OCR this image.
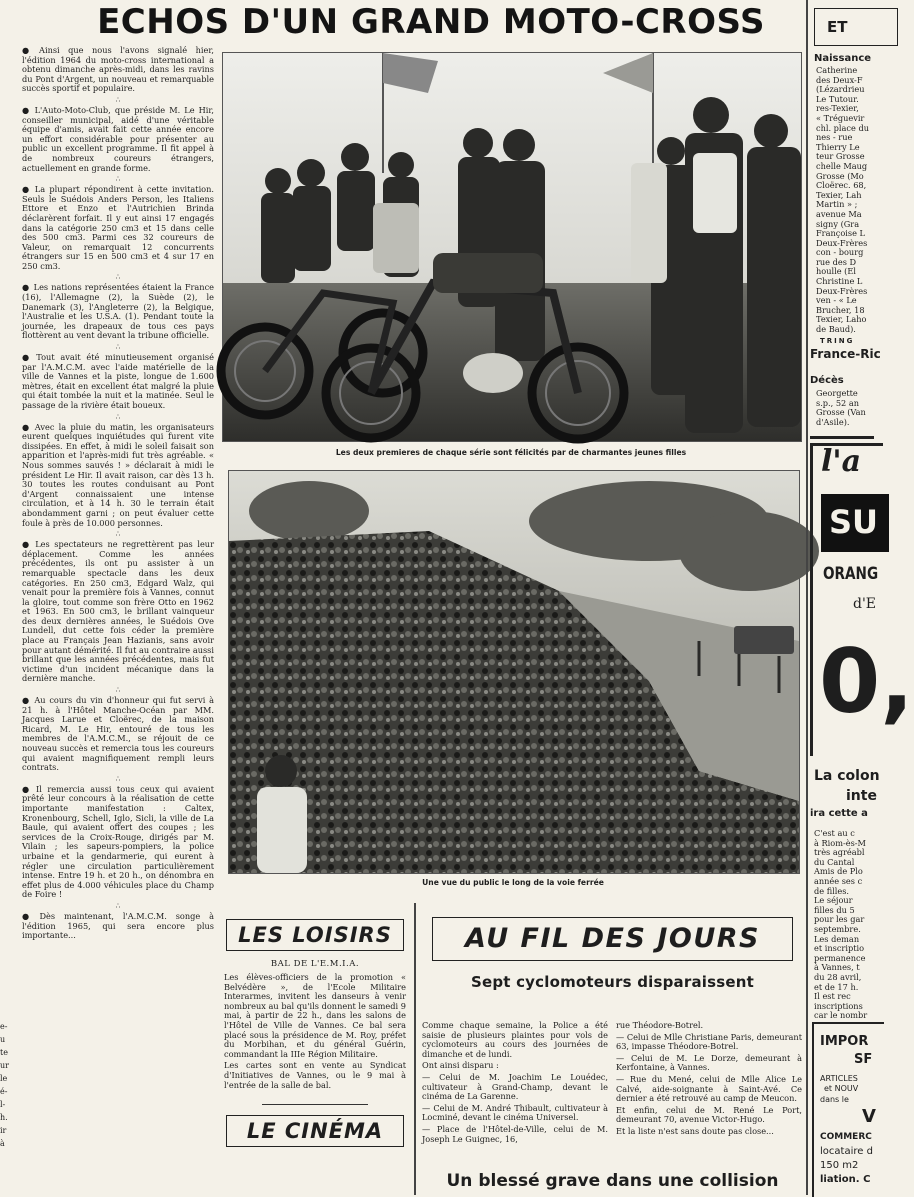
ECHOS D'UN GRAND MOTO-CROSS
e-
u
te
ur
le
é-
l-
h.
ir
à

● Ainsi que nous l'avons signalé hier, l'édition 1964 du moto-cross international a obtenu dimanche après-midi, dans les ravins du Pont d'Argent, un nouveau et remarquable succès sportif et populaire.

∴

● L'Auto-Moto-Club, que préside M. Le Hir, conseiller municipal, aidé d'une véritable équipe d'amis, avait fait cette année encore un effort considérable pour présenter au public un excellent programme. Il fit appel à de nombreux coureurs étrangers, actuellement en grande forme.

∴

● La plupart répondirent à cette invitation. Seuls le Suédois Anders Person, les Italiens Ettore et Enzo et l'Autrichien Brinda déclarèrent forfait. Il y eut ainsi 17 engagés dans la catégorie 250 cm3 et 15 dans celle des 500 cm3. Parmi ces 32 coureurs de Valeur, on remarquait 12 concurrents étrangers sur 15 en 500 cm3 et 4 sur 17 en 250 cm3.

∴

● Les nations représentées étaient la France (16), l'Allemagne (2), la Suède (2), le Danemark (3), l'Angleterre (2), la Belgique, l'Australie et les U.S.A. (1). Pendant toute la journée, les drapeaux de tous ces pays flottèrent au vent devant la tribune officielle.

∴

● Tout avait été minutieusement organisé par l'A.M.C.M. avec l'aide matérielle de la ville de Vannes et la piste, longue de 1.600 mètres, était en excellent état malgré la pluie qui était tombée la nuit et la matinée. Seul le passage de la rivière était boueux.

∴

● Avec la pluie du matin, les organisateurs eurent quelques inquiétudes qui furent vite dissipées. En effet, à midi le soleil faisait son apparition et l'après-midi fut très agréable. « Nous sommes sauvés ! » déclarait à midi le président Le Hir. Il avait raison, car dès 13 h. 30 toutes les routes conduisant au Pont d'Argent connaissaient une intense circulation, et à 14 h. 30 le terrain était abondamment garni ; on peut évaluer cette foule à près de 10.000 personnes.

∴

● Les spectateurs ne regrettèrent pas leur déplacement. Comme les années précédentes, ils ont pu assister à un remarquable spectacle dans les deux catégories. En 250 cm3, Edgard Walz, qui venait pour la première fois à Vannes, connut la gloire, tout comme son frère Otto en 1962 et 1963. En 500 cm3, le brillant vainqueur des deux dernières années, le Suédois Ove Lundell, dut cette fois céder la première place au Français Jean Hazianis, sans avoir pour autant démérité. Il fut au contraire aussi brillant que les années précédentes, mais fut victime d'un incident mécanique dans la dernière manche.

∴

● Au cours du vin d'honneur qui fut servi à 21 h. à l'Hôtel Manche-Océan par MM. Jacques Larue et Cloërec, de la maison Ricard, M. Le Hir, entouré de tous les membres de l'A.M.C.M., se réjouit de ce nouveau succès et remercia tous les coureurs qui avaient magnifiquement rempli leurs contrats.

∴

● Il remercia aussi tous ceux qui avaient prêté leur concours à la réalisation de cette importante manifestation : Caltex, Kronenbourg, Schell, Iglo, Sicli, la ville de La Baule, qui avaient offert des coupes ; les services de la Croix-Rouge, dirigés par M. Vilain ; les sapeurs-pompiers, la police urbaine et la gendarmerie, qui eurent à régler une circulation particulièrement intense. Entre 19 h. et 20 h., on dénombra en effet plus de 4.000 véhicules place du Champ de Foire !

∴

● Dès maintenant, l'A.M.C.M. songe à l'édition 1965, qui sera encore plus importante...

Les deux premieres de chaque série sont félicités par de charmantes jeunes filles
Une vue du public le long de la voie ferrée
LES LOISIRS
BAL DE L'E.M.I.A.
Les élèves-officiers de la promotion « Belvédère », de l'Ecole Militaire Interarmes, invitent les danseurs à venir nombreux au bal qu'ils donnent le samedi 9 mai, à partir de 22 h., dans les salons de l'Hôtel de Ville de Vannes. Ce bal sera placé sous la présidence de M. Roy, préfet du Morbihan, et du général Guérin, commandant la IIIe Région Militaire.
Les cartes sont en vente au Syndicat d'Initiatives de Vannes, ou le 9 mai à l'entrée de la salle de bal.
LE CINÉMA
AU FIL DES JOURS
Sept cyclomoteurs disparaissent
Comme chaque semaine, la Police a été saisie de plusieurs plaintes pour vols de cyclomoteurs au cours des journées de dimanche et de lundi.
Ont ainsi disparu :
— Celui de M. Joachim Le Louédec, cultivateur à Grand-Champ, devant le cinéma de La Garenne.
— Celui de M. André Thibault, cultivateur à Locminé, devant le cinéma Universel.
— Place de l'Hôtel-de-Ville, celui de M. Joseph Le Guignec, 16,
rue Théodore-Botrel.
— Celui de Mlle Christiane Paris, demeurant 63, impasse Théodore-Botrel.
— Celui de M. Le Dorze, demeurant à Kerfontaine, à Vannes.
— Rue du Mené, celui de Mlle Alice Le Calvé, aide-soignante à Saint-Avé. Ce dernier a été retrouvé au camp de Meucon.
Et enfin, celui de M. René Le Port, demeurant 70, avenue Victor-Hugo.
Et la liste n'est sans doute pas close...
Un blessé grave dans une collision
ET
Naissance
Catherine
des Deux-F
(Lézardrieu
Le Tutour.
res-Texier,
« Tréguevir
chl. place du
nes - rue
Thierry Le
teur Grosse
chelle Maug
Grosse (Mo
Cloërec. 68,
Texier, Lah
Martin » ;
avenue Ma
signy (Gra
Françoise L
Deux-Frères
con - bourg
rue des D
houlle (El
Christine L
Deux-Frères
ven - « Le
Brucher, 18
Texier, Laho
de Baud).
TRING
France-Ric
Décès
Georgette
s.p., 52 an
Grosse (Van
d'Asile).
l'a
SU
ORANG
d'E
0,
La colon
inte
ira cette a
C'est au c
à Riom-ès-M
très agréabl
du Cantal
Amis de Plo
année ses c
de filles.
Le séjour
filles du 5
pour les gar
septembre.
Les deman
et inscriptio
permanence
à Vannes, t
du 28 avril,
et de 17 h.
Il est rec
inscriptions
car le nombr
IMPOR
SF
ARTICLES
et NOUV
dans le
V
COMMERC
locataire d
150 m2
liation. C
